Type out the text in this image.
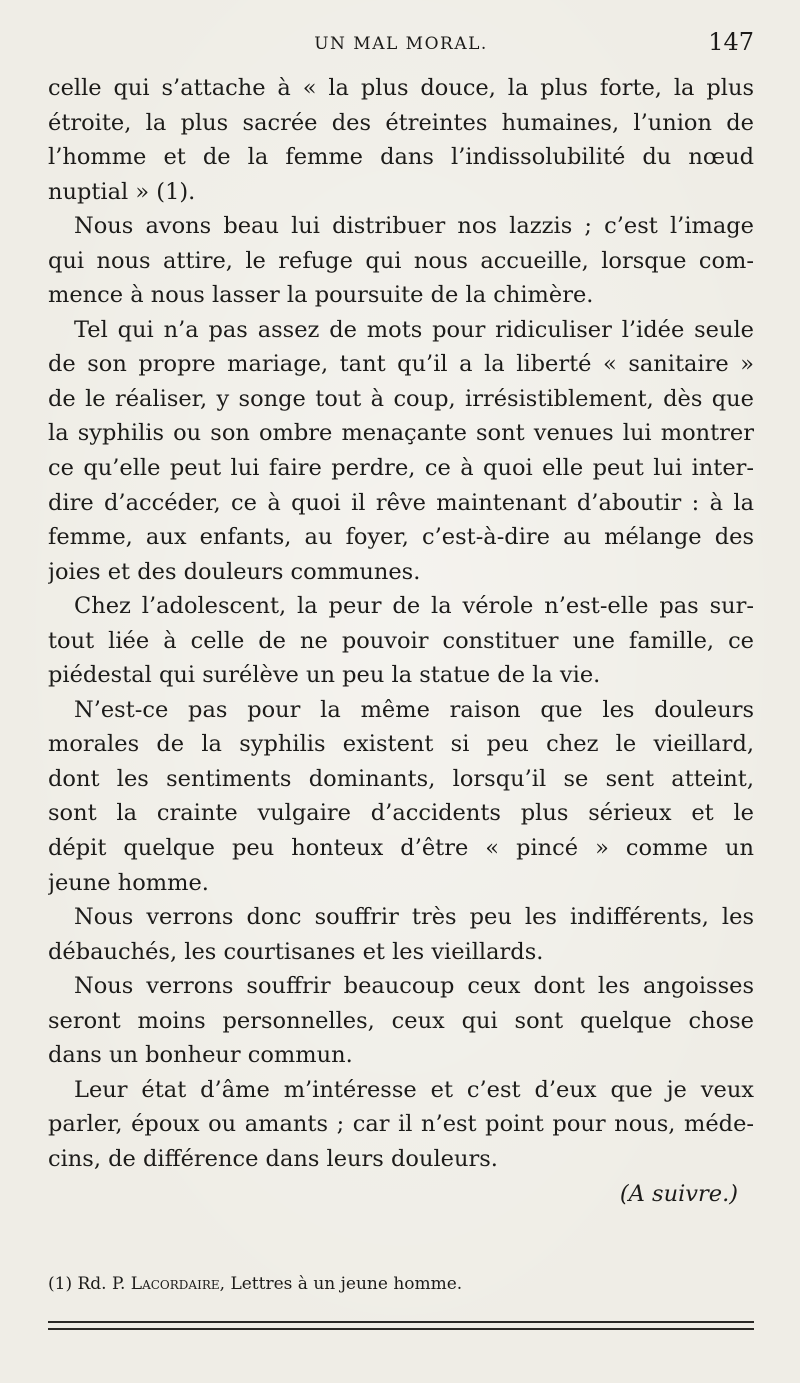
UN MAL MORAL.	147
celle qui s’attache à « la plus douce, la plus forte, la plus
étroite, la plus sacrée des étreintes humaines, l’union de
l’homme et de la femme dans l’indissolubilité du nœud
nuptial » (1).
Nous avons beau lui distribuer nos lazzis ; c’est l’image
qui nous attire, le refuge qui nous accueille, lorsque com-
mence à nous lasser la poursuite de la chimère.
Tel qui n’a pas assez de mots pour ridiculiser l’idée seule
de son propre mariage, tant qu’il a la liberté « sanitaire »
de le réaliser, y songe tout à coup, irrésistiblement, dès que
la syphilis ou son ombre menaçante sont venues lui montrer
ce qu’elle peut lui faire perdre, ce à quoi elle peut lui inter-
dire d’accéder, ce à quoi il rêve maintenant d’aboutir : à la
femme, aux enfants, au foyer, c’est-à-dire au mélange des
joies et des douleurs communes.
Chez l’adolescent, la peur de la vérole n’est-elle pas sur-
tout liée à celle de ne pouvoir constituer une famille, ce
piédestal qui surélève un peu la statue de la vie.
N’est-ce pas pour la même raison que les douleurs
morales de la syphilis existent si peu chez le vieillard,
dont les sentiments dominants, lorsqu’il se sent atteint,
sont la crainte vulgaire d’accidents plus sérieux et le
dépit quelque peu honteux d’être « pincé » comme un
jeune homme.
Nous verrons donc souffrir très peu les indifférents, les
débauchés, les courtisanes et les vieillards.
Nous verrons souffrir beaucoup ceux dont les angoisses
seront moins personnelles, ceux qui sont quelque chose
dans un bonheur commun.
Leur état d’âme m’intéresse et c’est d’eux que je veux
parler, époux ou amants ; car il n’est point pour nous, méde-
cins, de différence dans leurs douleurs.
(A suivre.)
(1) Rd. P. Lacordaire, Lettres à un jeune homme.
